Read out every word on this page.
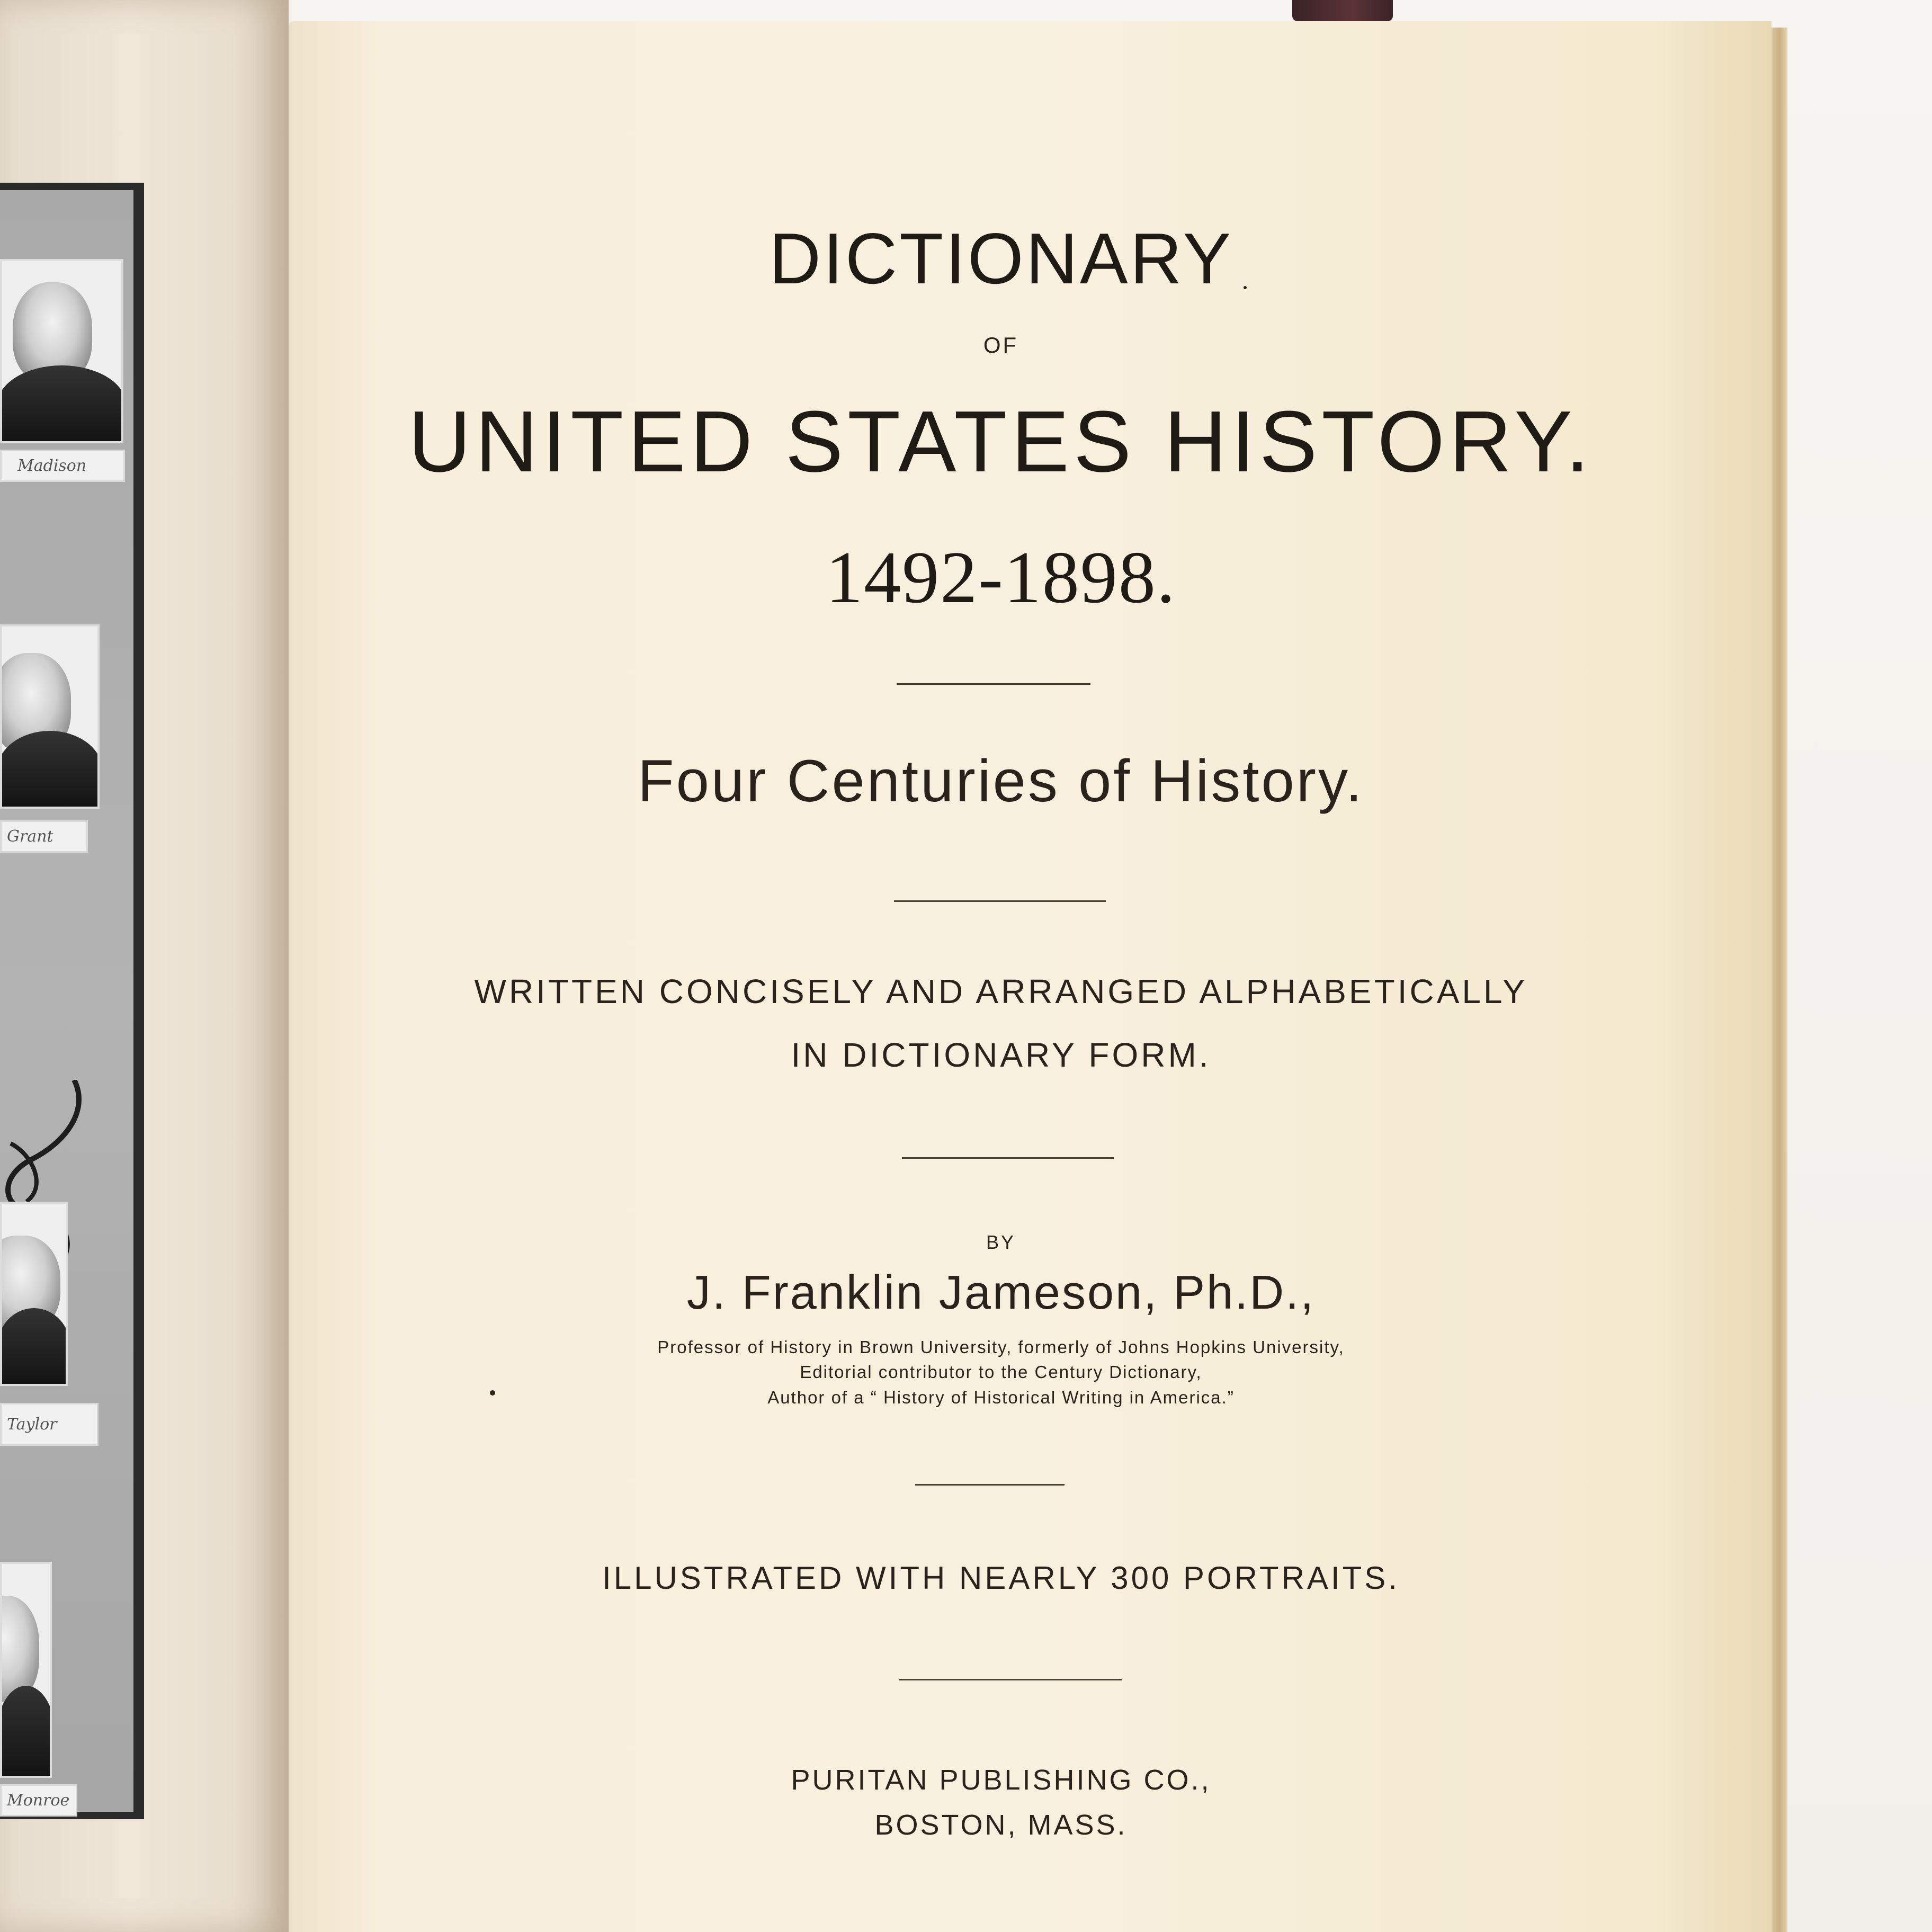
Madison
Grant
Taylor
Monroe
DICTIONARY
OF
UNITED STATES HISTORY.
1492-1898.
Four Centuries of History.
WRITTEN CONCISELY AND ARRANGED ALPHABETICALLY
IN DICTIONARY FORM.
BY
J. Franklin Jameson, Ph.D.,
Professor of History in Brown University, formerly of Johns Hopkins University,
Editorial contributor to the Century Dictionary,
Author of a “ History of Historical Writing in America.”
ILLUSTRATED WITH NEARLY 300 PORTRAITS.
PURITAN PUBLISHING CO.,
BOSTON, MASS.
